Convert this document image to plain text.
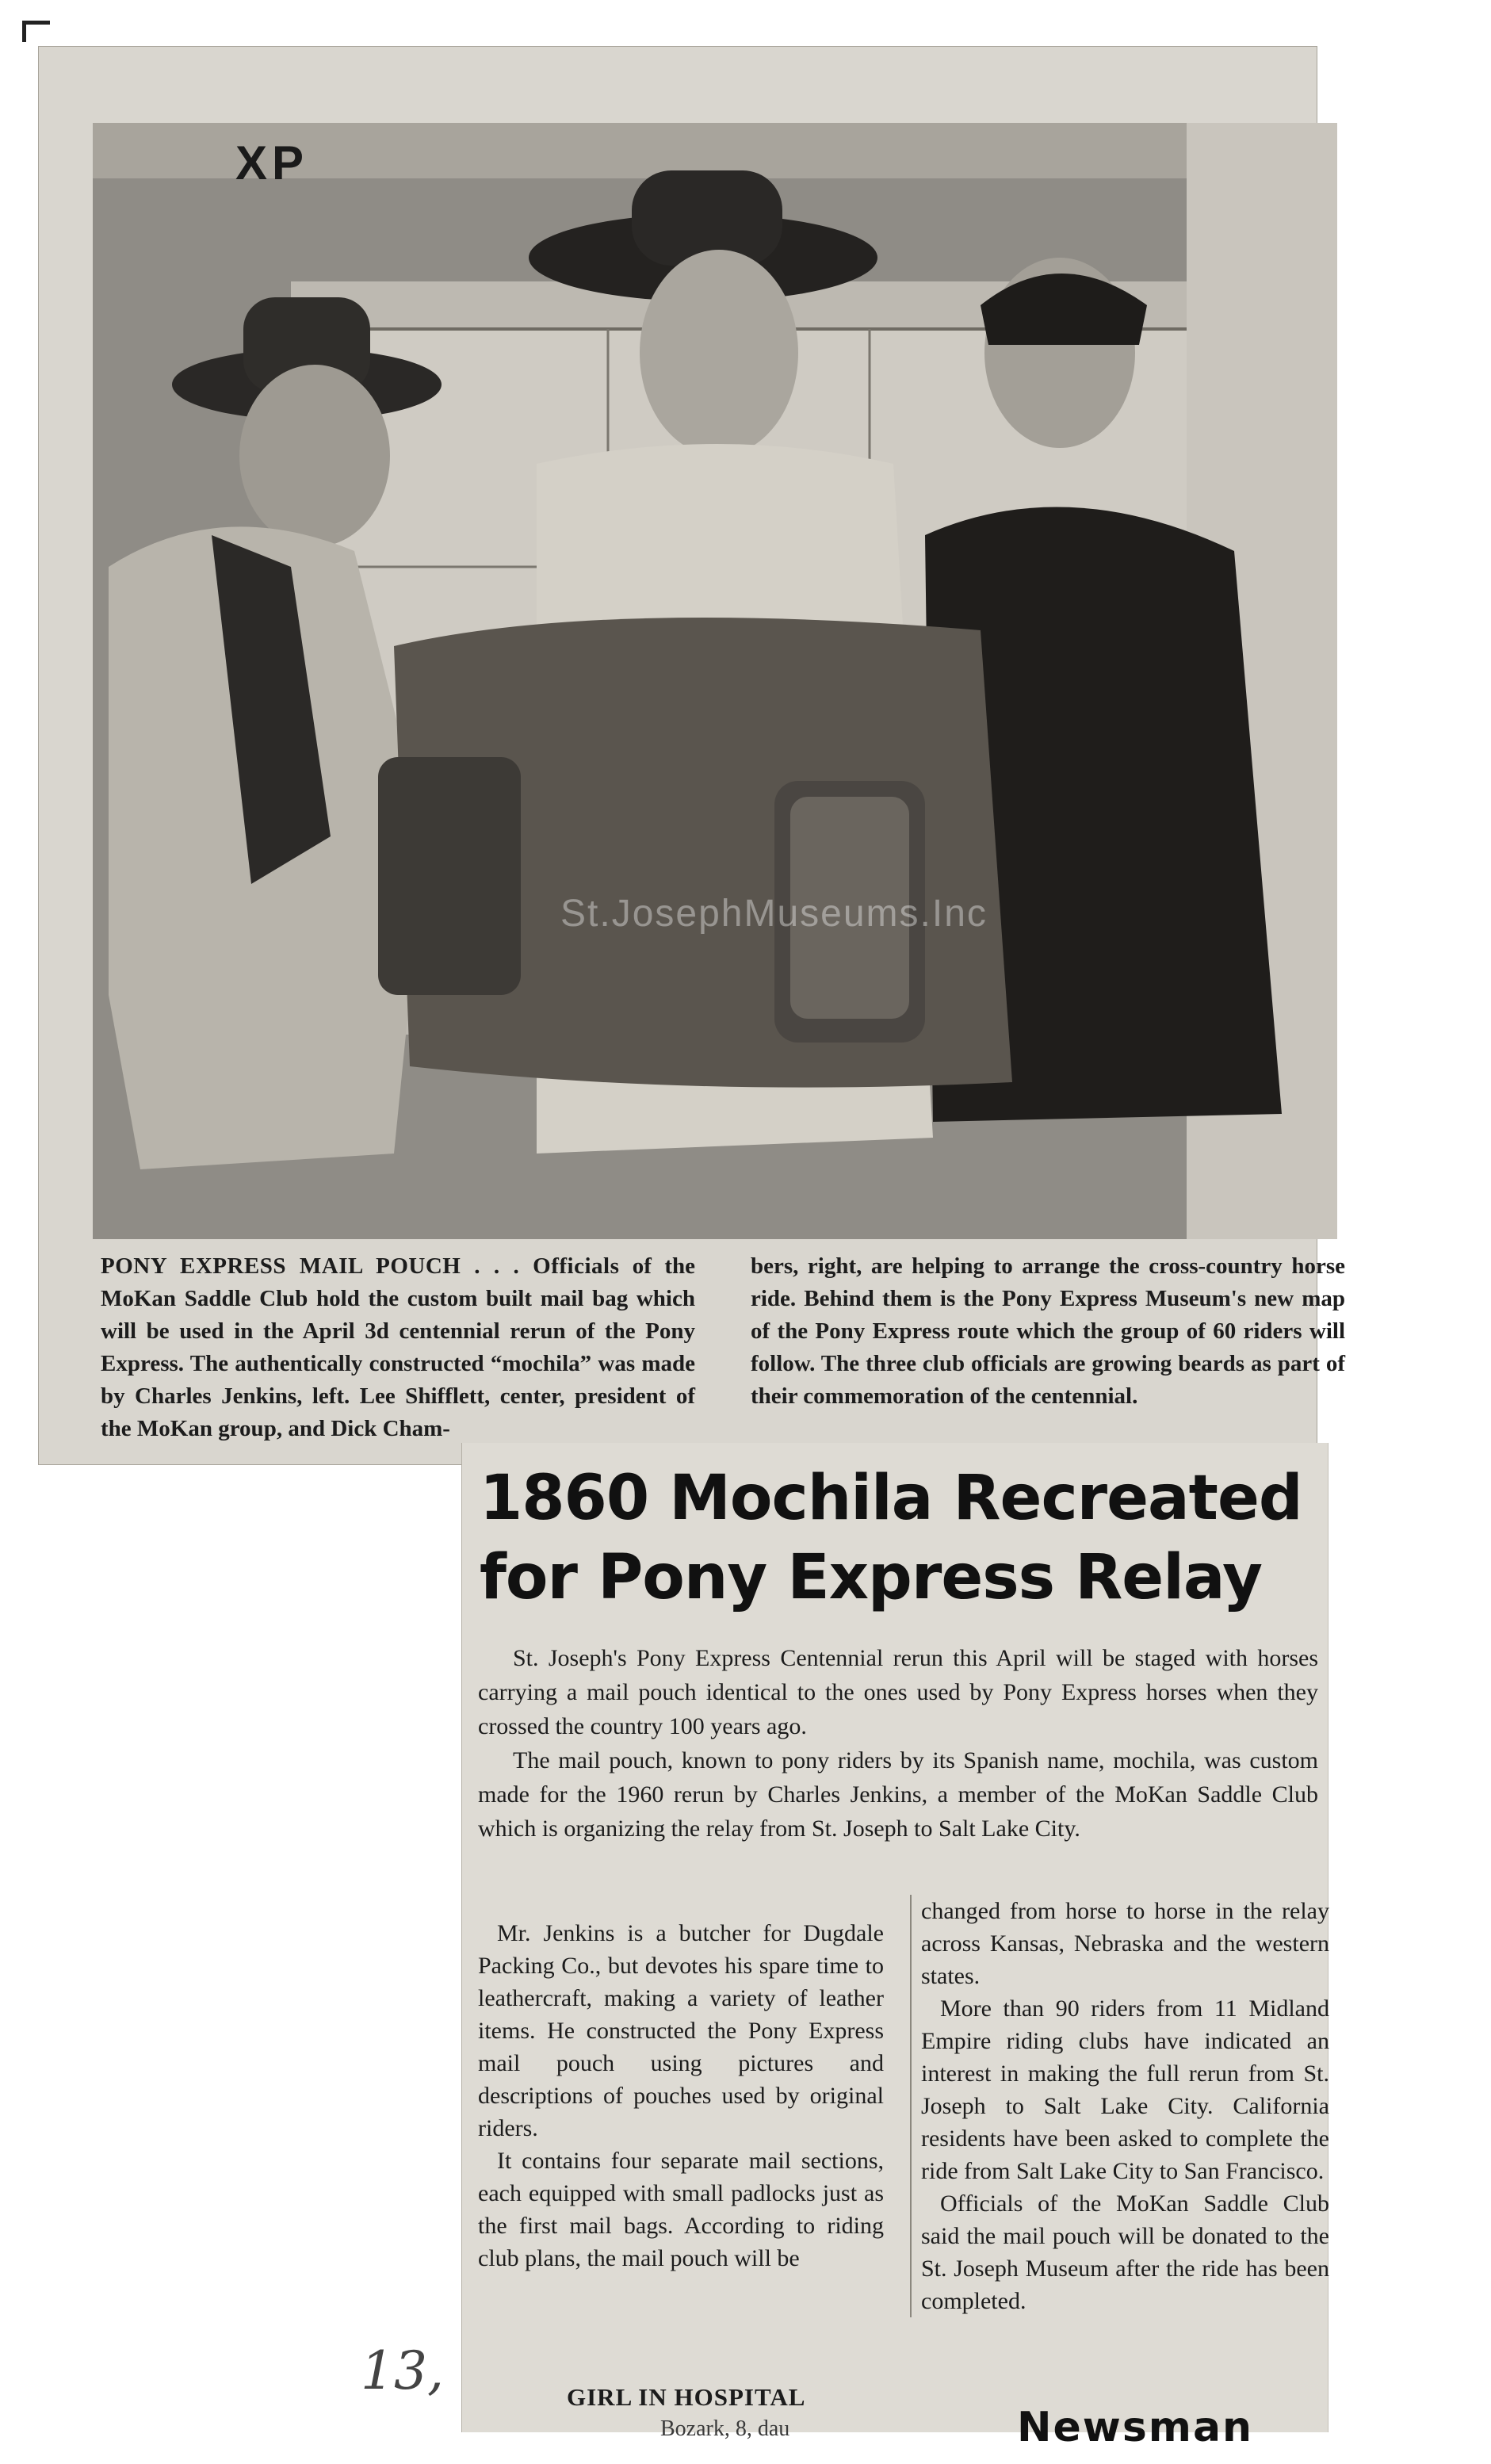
XP
St.JosephMuseums.Inc
PONY EXPRESS MAIL POUCH . . . Officials of the MoKan Saddle Club hold the custom built mail bag which will be used in the April 3d centennial rerun of the Pony Express. The authentically constructed “mochila” was made by Charles Jenkins, left. Lee Shifflett, center, president of the MoKan group, and Dick Cham-
bers, right, are helping to arrange the cross-country horse ride. Behind them is the Pony Express Museum's new map of the Pony Express route which the group of 60 riders will follow. The three club officials are growing beards as part of their commemoration of the centennial.
1860 Mochila Recreated
for Pony Express Relay

St. Joseph's Pony Express Centennial rerun this April will be staged with horses carrying a mail pouch identical to the ones used by Pony Express horses when they crossed the country 100 years ago.

The mail pouch, known to pony riders by its Spanish name, mochila, was custom made for the 1960 rerun by Charles Jenkins, a member of the MoKan Saddle Club which is organizing the relay from St. Joseph to Salt Lake City.

Mr. Jenkins is a butcher for Dugdale Packing Co., but devotes his spare time to leathercraft, making a variety of leather items. He constructed the Pony Express mail pouch using pictures and descriptions of pouches used by original riders.

It contains four separate mail sections, each equipped with small padlocks just as the first mail bags. According to riding club plans, the mail pouch will be

changed from horse to horse in the relay across Kansas, Nebraska and the western states.

More than 90 riders from 11 Midland Empire riding clubs have indicated an interest in making the full rerun from St. Joseph to Salt Lake City. California residents have been asked to complete the ride from Salt Lake City to San Francisco.

Officials of the MoKan Saddle Club said the mail pouch will be donated to the St. Joseph Museum after the ride has been completed.

GIRL IN HOSPITAL
Bozark, 8, dau	Newsman
13,
